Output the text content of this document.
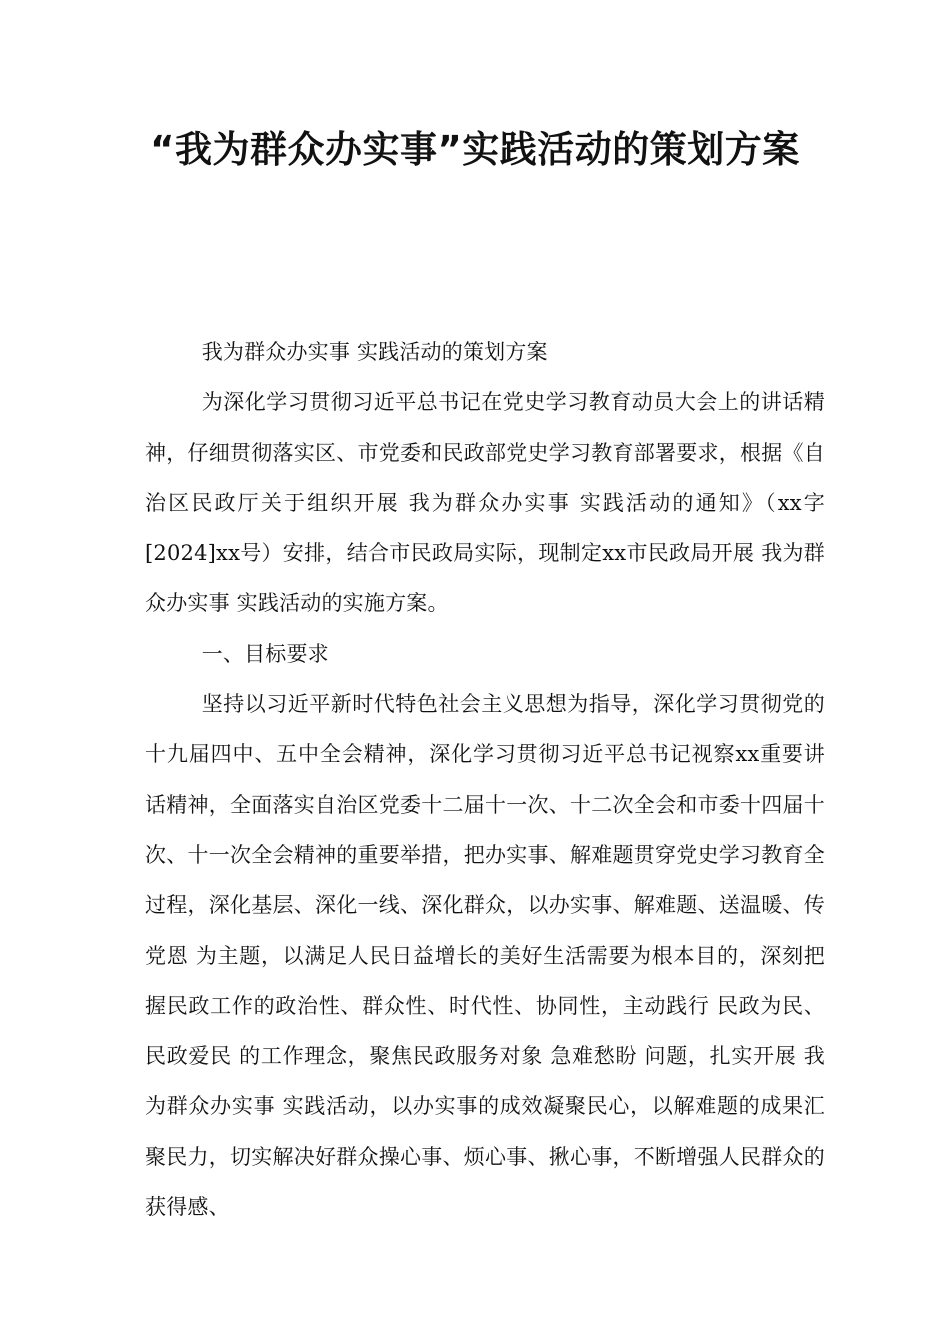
“我为群众办实事”实践活动的策划方案

我为群众办实事 实践活动的策划方案

为深化学习贯彻习近平总书记在党史学习教育动员大会上的讲话精神，仔细贯彻落实区、市党委和民政部党史学习教育部署要求，根据《自治区民政厅关于组织开展 我为群众办实事 实践活动的通知》（xx字[2024]xx号）安排，结合市民政局实际，现制定xx市民政局开展 我为群众办实事 实践活动的实施方案。

一、目标要求

坚持以习近平新时代特色社会主义思想为指导，深化学习贯彻党的十九届四中、五中全会精神，深化学习贯彻习近平总书记视察xx重要讲话精神，全面落实自治区党委十二届十一次、十二次全会和市委十四届十次、十一次全会精神的重要举措，把办实事、解难题贯穿党史学习教育全过程，深化基层、深化一线、深化群众，以办实事、解难题、送温暖、传党恩 为主题，以满足人民日益增长的美好生活需要为根本目的，深刻把握民政工作的政治性、群众性、时代性、协同性，主动践行 民政为民、民政爱民 的工作理念，聚焦民政服务对象 急难愁盼 问题，扎实开展 我为群众办实事 实践活动，以办实事的成效凝聚民心，以解难题的成果汇聚民力，切实解决好群众操心事、烦心事、揪心事，不断增强人民群众的获得感、
